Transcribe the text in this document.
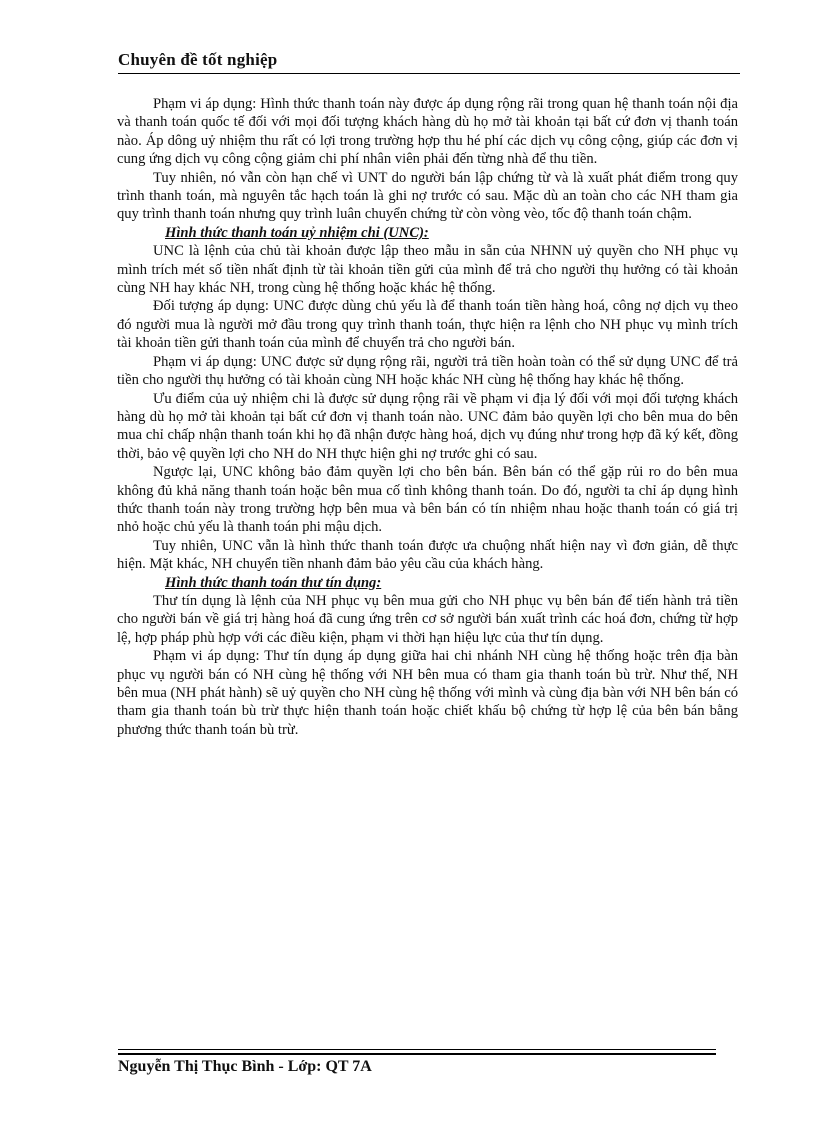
Chuyên đề tốt nghiệp

Phạm vi áp dụng: Hình thức thanh toán này được áp dụng rộng rãi trong quan hệ thanh toán nội địa và thanh toán quốc tế đối với mọi đối tượng khách hàng dù họ mở tài khoản tại bất cứ đơn vị thanh toán nào. Áp dông uỷ nhiệm thu rất có lợi trong trường hợp thu hé phí các dịch vụ công cộng, giúp các đơn vị cung ứng dịch vụ công cộng giảm chi phí nhân viên phải đến từng nhà để thu tiền.

Tuy nhiên, nó vẫn còn hạn chế vì UNT do người bán lập chứng từ và là xuất phát điểm trong quy trình thanh toán, mà nguyên tắc hạch toán là ghi nợ trước có sau. Mặc dù an toàn cho các NH tham gia quy trình thanh toán nhưng quy trình luân chuyển chứng từ còn vòng vèo, tốc độ thanh toán chậm.

Hình thức thanh toán uỷ nhiệm chi (UNC):

UNC là lệnh của chủ tài khoản được lập theo mẫu in sẵn của NHNN uỷ quyền cho NH phục vụ mình trích mét số tiền nhất định từ tài khoản tiền gửi của mình để trả cho người thụ hưởng có tài khoản cùng NH hay khác NH, trong cùng hệ thống hoặc khác hệ thống.

Đối tượng áp dụng: UNC được dùng chủ yếu là để thanh toán tiền hàng hoá, công nợ dịch vụ theo đó người mua là người mở đầu trong quy trình thanh toán, thực hiện ra lệnh cho NH phục vụ mình trích tài khoản tiền gửi thanh toán của mình để chuyển trả cho người bán.

Phạm vi áp dụng: UNC được sử dụng rộng rãi, người trả tiền hoàn toàn có thể sử dụng UNC để trả tiền cho người thụ hưởng có tài khoản cùng NH hoặc khác NH cùng hệ thống hay khác hệ thống.

Ưu điểm của uỷ nhiệm chi là được sử dụng rộng rãi về phạm vi địa lý đối với mọi đối tượng khách hàng dù họ mở tài khoản tại bất cứ đơn vị thanh toán nào. UNC đảm bảo quyền lợi cho bên mua do bên mua chỉ chấp nhận thanh toán khi họ đã nhận được hàng hoá, dịch vụ đúng như trong hợp đã ký kết, đồng thời, bảo vệ quyền lợi cho NH do NH thực hiện ghi nợ trước ghi có sau.

Ngược lại, UNC không bảo đảm quyền lợi cho bên bán. Bên bán có thể gặp rủi ro do bên mua không đủ khả năng thanh toán hoặc bên mua cố tình không thanh toán. Do đó, người ta chỉ áp dụng hình thức thanh toán này trong trường hợp bên mua và bên bán có tín nhiệm nhau hoặc thanh toán có giá trị nhỏ hoặc chủ yếu là thanh toán phi mậu dịch.

Tuy nhiên, UNC vẫn là hình thức thanh toán được ưa chuộng nhất hiện nay vì đơn giản, dễ thực hiện. Mặt khác, NH chuyển tiền nhanh đảm bảo yêu cầu của khách hàng.

Hình thức thanh toán thư tín dụng:

Thư tín dụng là lệnh của NH phục vụ bên mua gửi cho NH phục vụ bên bán để tiến hành trả tiền cho người bán về giá trị hàng hoá đã cung ứng trên cơ sở người bán xuất trình các hoá đơn, chứng từ hợp lệ, hợp pháp phù hợp với các điều kiện, phạm vi thời hạn hiệu lực của thư tín dụng.

Phạm vi áp dụng: Thư tín dụng áp dụng giữa hai chi nhánh NH cùng hệ thống hoặc trên địa bàn phục vụ người bán có NH cùng hệ thống với NH bên mua có tham gia thanh toán bù trừ. Như thế, NH bên mua (NH phát hành) sẽ uỷ quyền cho NH cùng hệ thống với mình và cùng địa bàn với NH bên bán có tham gia thanh toán bù trừ thực hiện thanh toán hoặc chiết khấu bộ chứng từ hợp lệ của bên bán bằng phương thức thanh toán bù trừ.

Nguyễn Thị Thục Bình - Lớp: QT 7A
